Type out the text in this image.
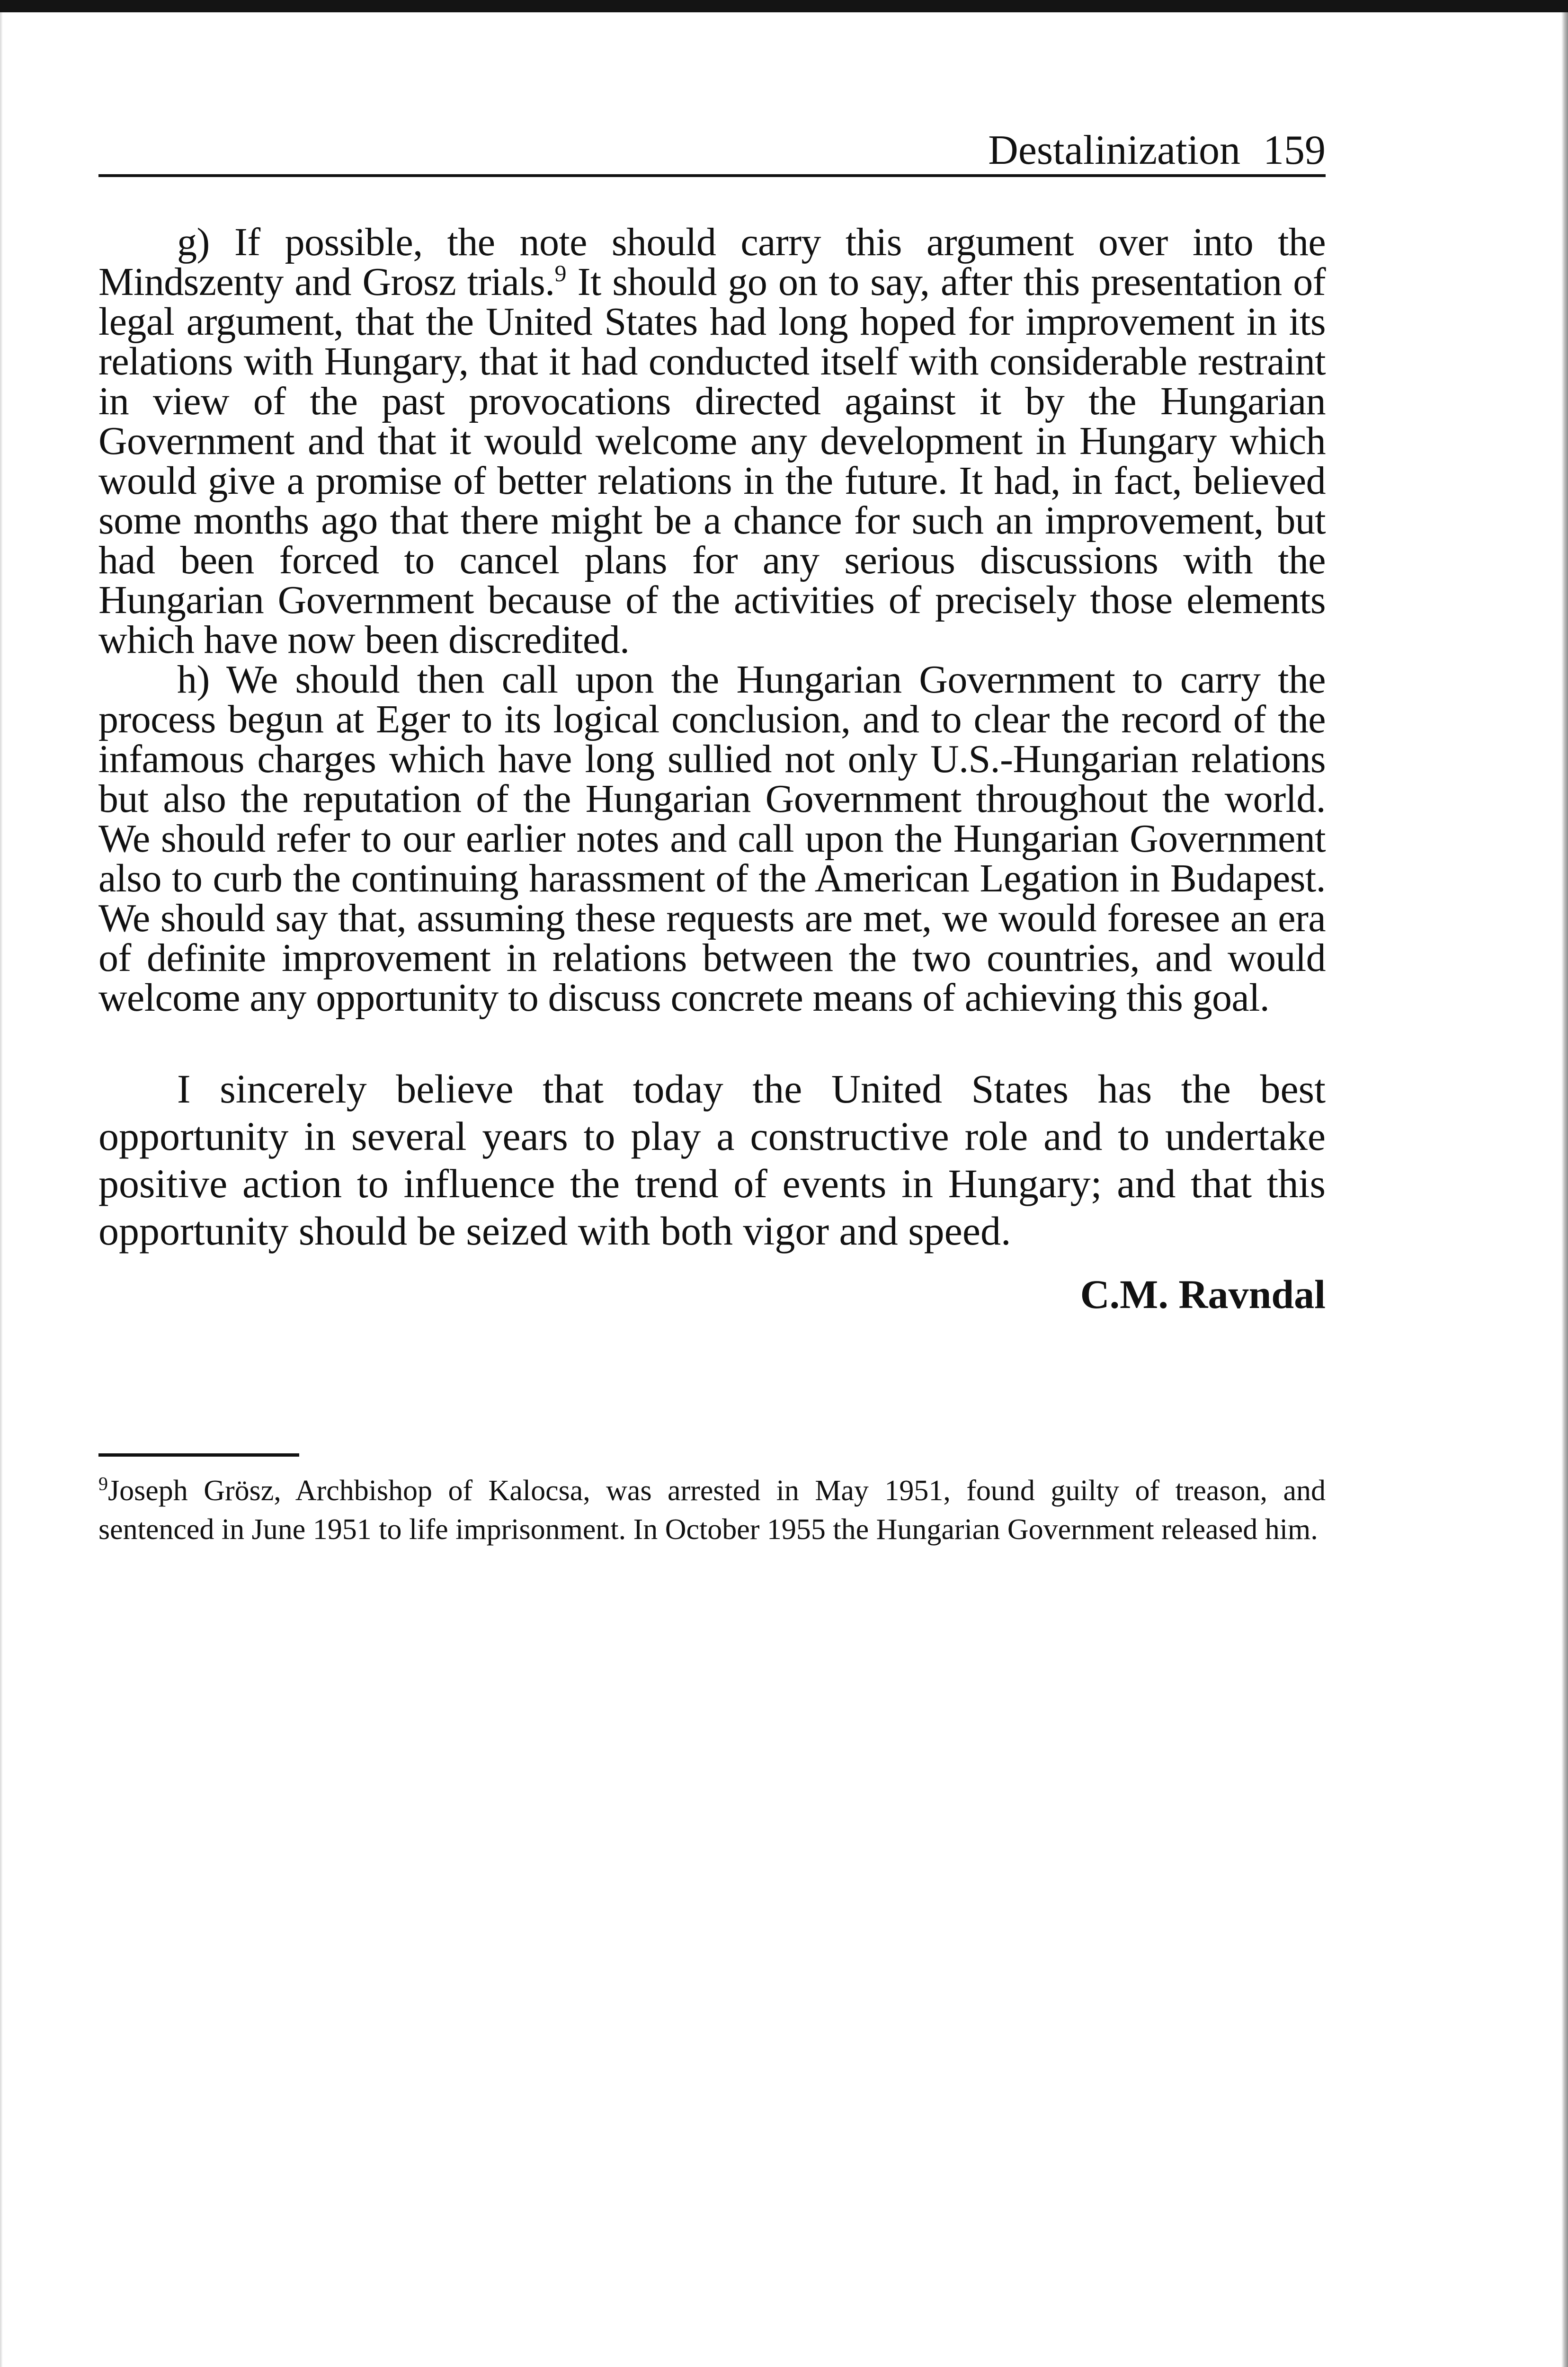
Destalinization 159

g) If possible, the note should carry this argument over into the Mindszenty and Grosz trials.$^9$ It should go on to say, after this presentation of legal argument, that the United States had long hoped for improvement in its relations with Hungary, that it had conducted itself with considerable restraint in view of the past provocations directed against it by the Hungarian Government and that it would welcome any development in Hungary which would give a promise of better relations in the future. It had, in fact, believed some months ago that there might be a chance for such an improvement, but had been forced to cancel plans for any serious discussions with the Hungarian Government because of the activities of precisely those elements which have now been discredited.

h) We should then call upon the Hungarian Government to carry the process begun at Eger to its logical conclusion, and to clear the record of the infamous charges which have long sullied not only U.S.-Hungarian relations but also the reputation of the Hungarian Government throughout the world. We should refer to our earlier notes and call upon the Hungarian Government also to curb the continuing harassment of the American Legation in Budapest. We should say that, assuming these requests are met, we would foresee an era of definite improvement in relations between the two countries, and would welcome any opportunity to discuss concrete means of achieving this goal.

I sincerely believe that today the United States has the best opportunity in several years to play a constructive role and to undertake positive action to influence the trend of events in Hungary; and that this opportunity should be seized with both vigor and speed.

C.M. Ravndal

$^9$Joseph Grösz, Archbishop of Kalocsa, was arrested in May 1951, found guilty of treason, and sentenced in June 1951 to life imprisonment. In October 1955 the Hungarian Government released him.
